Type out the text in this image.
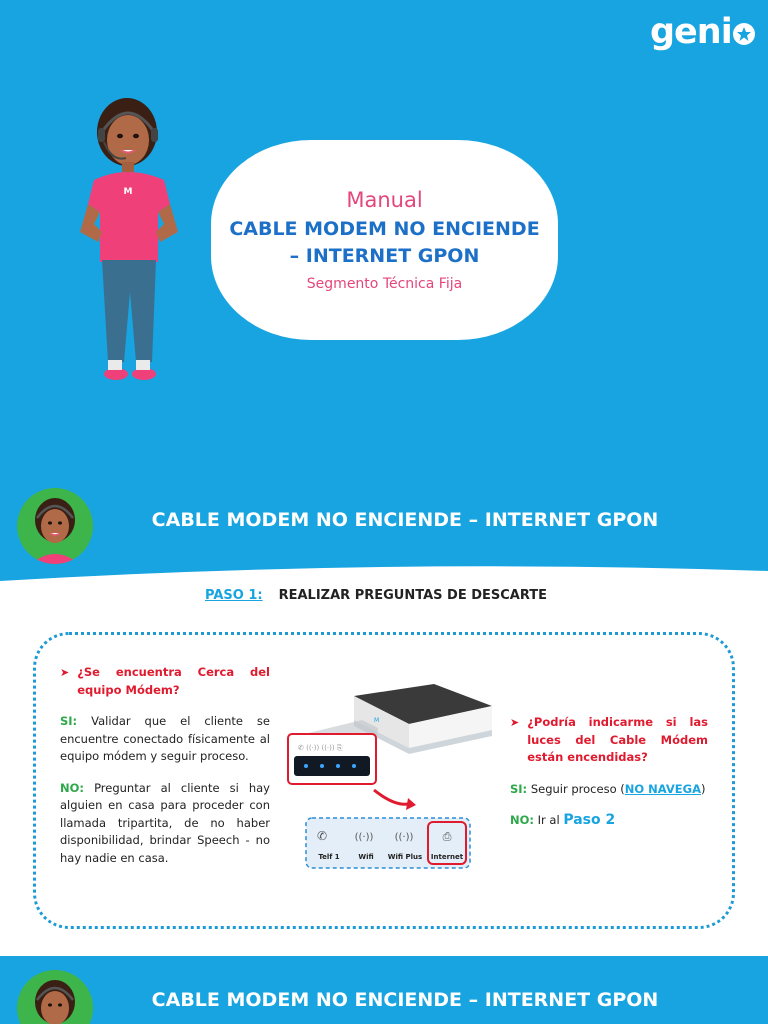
geni
M	Manual
CABLE MODEM NO ENCIENDE – INTERNET GPON
Segmento Técnica Fija
CABLE MODEM NO ENCIENDE – INTERNET GPON
PASO 1: REALIZAR PREGUNTAS DE DESCARTE
➤ ¿Se encuentra Cerca del equipo Módem?

SI: Validar que el cliente se encuentre conectado físicamente al equipo módem y seguir proceso.

NO: Preguntar al cliente si hay alguien en casa para proceder con llamada tripartita, de no haber disponibilidad, brindar Speech - no hay nadie en casa.

M
✆ ((·)) ((·)) ⎘
✆	((·)) ((·))	⎙
Telf 1	Wifi Wifi Plus Internet
➤ ¿Podría indicarme si las luces del Cable Módem están encendidas?

SI: Seguir proceso (NO NAVEGA)

NO: Ir al Paso 2

CABLE MODEM NO ENCIENDE – INTERNET GPON
